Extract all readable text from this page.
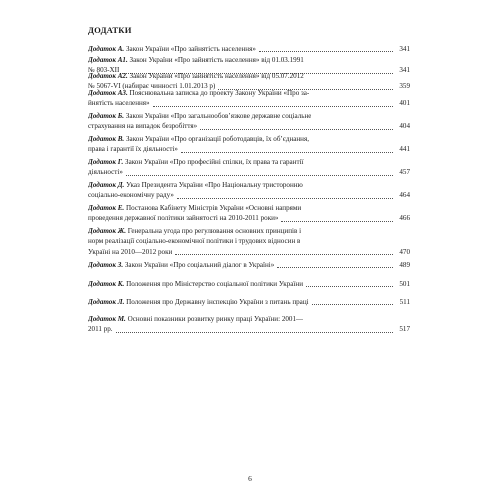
ДОДАТКИ
Додаток А. Закон України «Про зайнятість населення»	341
Додаток А1. Закон України «Про зайнятість населення» від 01.03.1991
№ 803-ХІІ	341
Додаток А2. Закон України «Про зайнятість населення» від 05.07.2012
№ 5067-VI (набирає чинності 1.01.2013 р)	359
Додаток А3. Пояснювальна записка до проекту Закону України «Про за-
йнятість населення»	401
Додаток Б. Закон України «Про загальнообов’язкове державне соціальне
страхування на випадок безробіття»	404
Додаток В. Закон України «Про організації роботодавців, їх об’єднання,
права і гарантії їх діяльності»	441
Додаток Г. Закон України «Про професійні спілки, їх права та гарантії
діяльності»	457
Додаток Д. Указ Президента України «Про Національну тристоронню
соціально-економічну раду»	464
Додаток Е. Постанова Кабінету Міністрів України «Основні напрями
проведення державної політики зайнятості на 2010-2011 роки»	466
Додаток Ж. Генеральна угода про регулювання основних принципів і
норм реалізації соціально-економічної політики і трудових відносин в
Україні на 2010—2012 роки	470
Додаток З. Закон України «Про соціальний діалог в Україні»	489
Додаток К. Положення про Міністерство соціальної політики України	501
Додаток Л. Положення про Державну інспекцію України з питань праці	511
Додаток М. Основні показники розвитку ринку праці України: 2001—
2011 pp.	517
6
